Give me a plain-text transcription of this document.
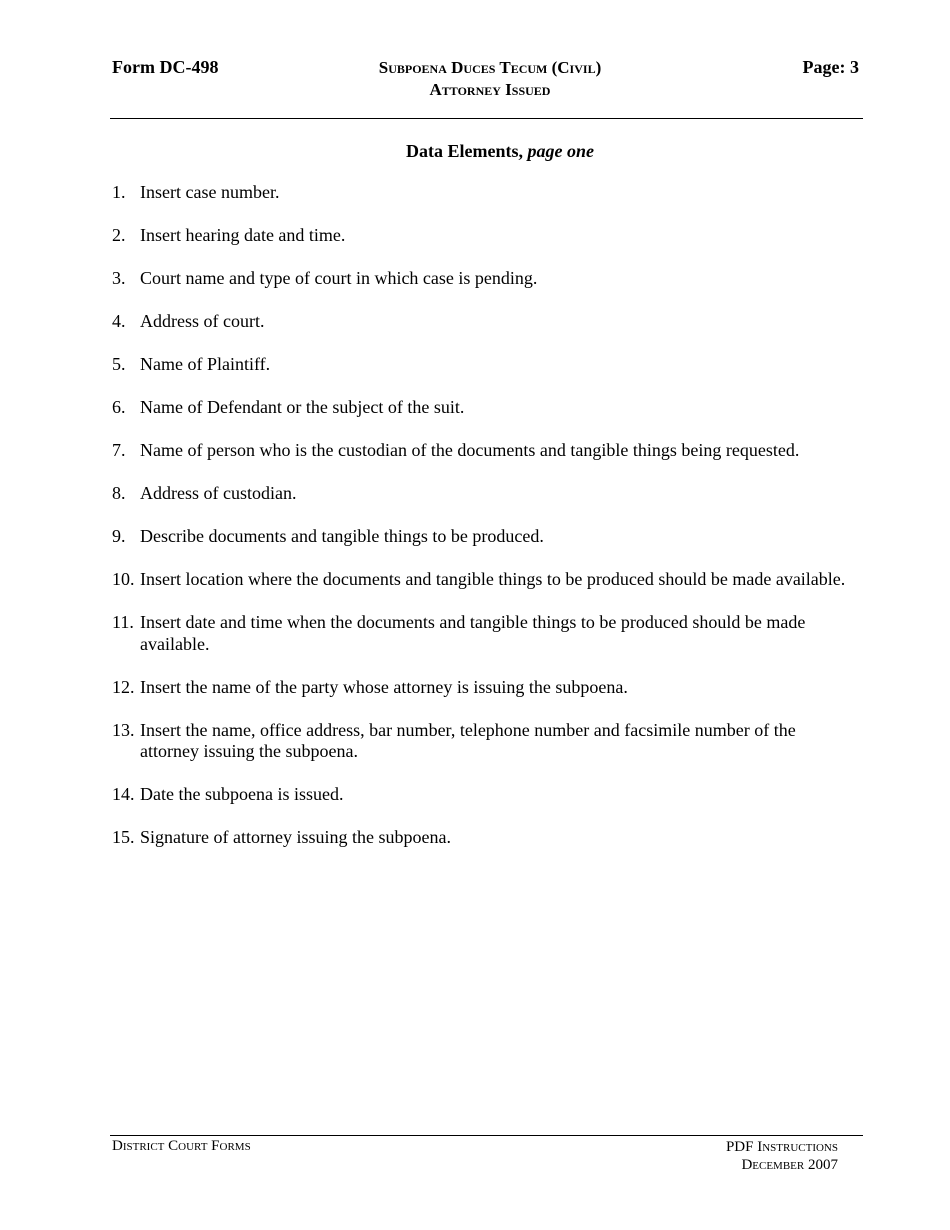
Form DC-498	Subpoena Duces Tecum (Civil)
Attorney Issued
Page: 3
Data Elements, page one
1. Insert case number.
2. Insert hearing date and time.
3. Court name and type of court in which case is pending.
4. Address of court.
5. Name of Plaintiff.
6. Name of Defendant or the subject of the suit.
7. Name of person who is the custodian of the documents and tangible things being requested.
8. Address of custodian.
9. Describe documents and tangible things to be produced.
10. Insert location where the documents and tangible things to be produced should be made available.
11. Insert date and time when the documents and tangible things to be produced should be made available.
12. Insert the name of the party whose attorney is issuing the subpoena.
13. Insert the name, office address, bar number, telephone number and facsimile number of the attorney issuing the subpoena.
14. Date the subpoena is issued.
15. Signature of attorney issuing the subpoena.
District Court Forms	PDF Instructions
December 2007
